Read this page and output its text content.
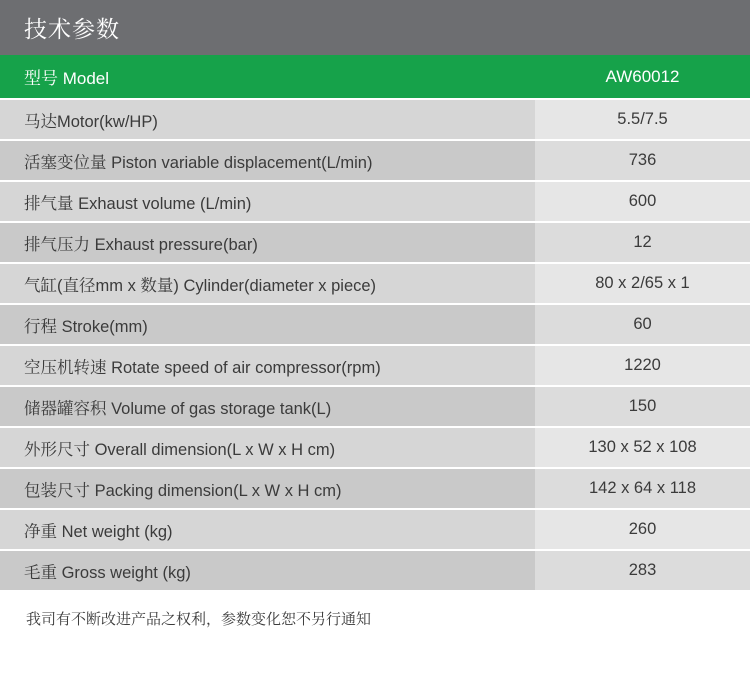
技术参数
型号 Model	AW60012
马达Motor(kw/HP)	5.5/7.5
活塞变位量 Piston variable displacement(L/min)	736
排气量 Exhaust volume (L/min)	600
排气压力 Exhaust pressure(bar)	12
气缸(直径mm x 数量) Cylinder(diameter x piece)	80 x 2/65 x 1
行程 Stroke(mm)	60
空压机转速 Rotate speed of air compressor(rpm)	1220
储器罐容积 Volume of gas storage tank(L)	150
外形尺寸 Overall dimension(L x W x H cm)	130 x 52 x 108
包装尺寸 Packing dimension(L x W x H cm)	142 x 64 x 118
净重 Net weight (kg)	260
毛重 Gross weight (kg)	283
我司有不断改进产品之权利，参数变化恕不另行通知
